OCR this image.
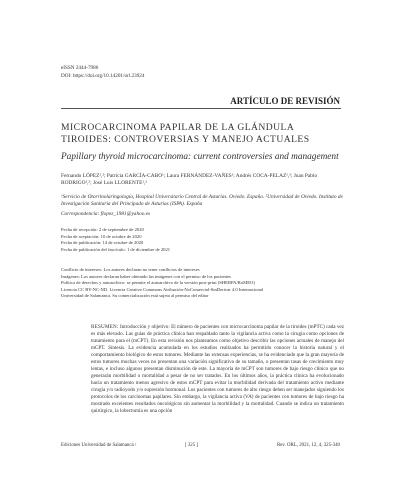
eISSN 2444-7986
DOI: https://doi.org/10.14201/orl.23924
ARTÍCULO DE REVISIÓN
MICROCARCINOMA PAPILAR DE LA GLÁNDULA TIROIDES: CONTROVERSIAS Y MANEJO ACTUALES
Papillary thyroid microcarcinoma: current controversies and management
Fernando LÓPEZ¹,²; Patricia GARCÍA-CABO¹; Laura FERNÁNDEZ-VAÑES¹; Andrés COCA-PELAZ¹,²; Juan Pablo RODRIGO¹,²; José Luis LLORENTE¹,²
¹Servicio de Otorrinolaringología, Hospital Universitario Central de Asturias. Oviedo. España. ²Universidad de Oviedo. Instituto de Investigación Sanitaria del Principado de Asturias (ISPA). España
Correspondencia: flopez_1981@yahoo.es
Fecha de recepción: 2 de septiembre de 2020
Fecha de aceptación: 10 de octubre de 2020
Fecha de publicación: 14 de octubre de 2020
Fecha de publicación del fascículo: 1 de diciembre de 2021
Conflicto de intereses: Los autores declaran no tener conflictos de intereses
Imágenes: Los autores declaran haber obtenido las imágenes con el permiso de los pacientes
Política de derechos y autoarchivo: se permite el autoarchivo de la versión post-print (SHERPA/RoMEO)
Licencia CC BY-NC-ND. Licencia Creative Commons Atribución-NoComercial-SinDerivar 4.0 Internacional
Universidad de Salamanca. Su comercialización está sujeta al permiso del editor
RESUMEN: Introducción y objetivo: El número de pacientes con microcarcinoma papilar de la tiroides (mPTC) cada vez es más elevado. Las guías de práctica clínica han respaldado tanto la vigilancia activa como la cirugía como opciones de tratamiento para el (mCPT). En esta revisión nos planteamos como objetivo describir las opciones actuales de manejo del mCPT. Síntesis. La evidencia acumulada en los estudios realizados ha permitido conocer la historia natural y el comportamiento biológico de estos tumores. Mediante las extensas experiencias, se ha evidenciado que la gran mayoría de estos tumores muchas veces no presentan una variación significativa de su tamaño, o presentan tasas de crecimiento muy lentas, e incluso algunos presentan disminución de este. La mayoría de mCPT son tumores de bajo riesgo clínico que no generarán morbilidad o mortalidad a pesar de no ser tratados. En los últimos años, la práctica clínica ha evolucionado hacia un tratamiento menos agresivo de estos mCPT para evitar la morbilidad derivada del tratamiento activo mediante cirugía y/o radioyodo y/o supresión hormonal. Los pacientes con tumores de alto riesgo deben ser manejados siguiendo los protocolos de los carcinomas papilares. Sin embargo, la vigilancia activa (VA) de pacientes con tumores de bajo riesgo ha mostrado excelentes resultados oncológicos sin aumentar la morbilidad y la mortalidad. Cuando se indica un tratamiento quirúrgico, la lobectomía es una opción
Ediciones Universidad de Salamanca /	[ 325 ]	Rev. ORL, 2021, 12, 4, 325-340
